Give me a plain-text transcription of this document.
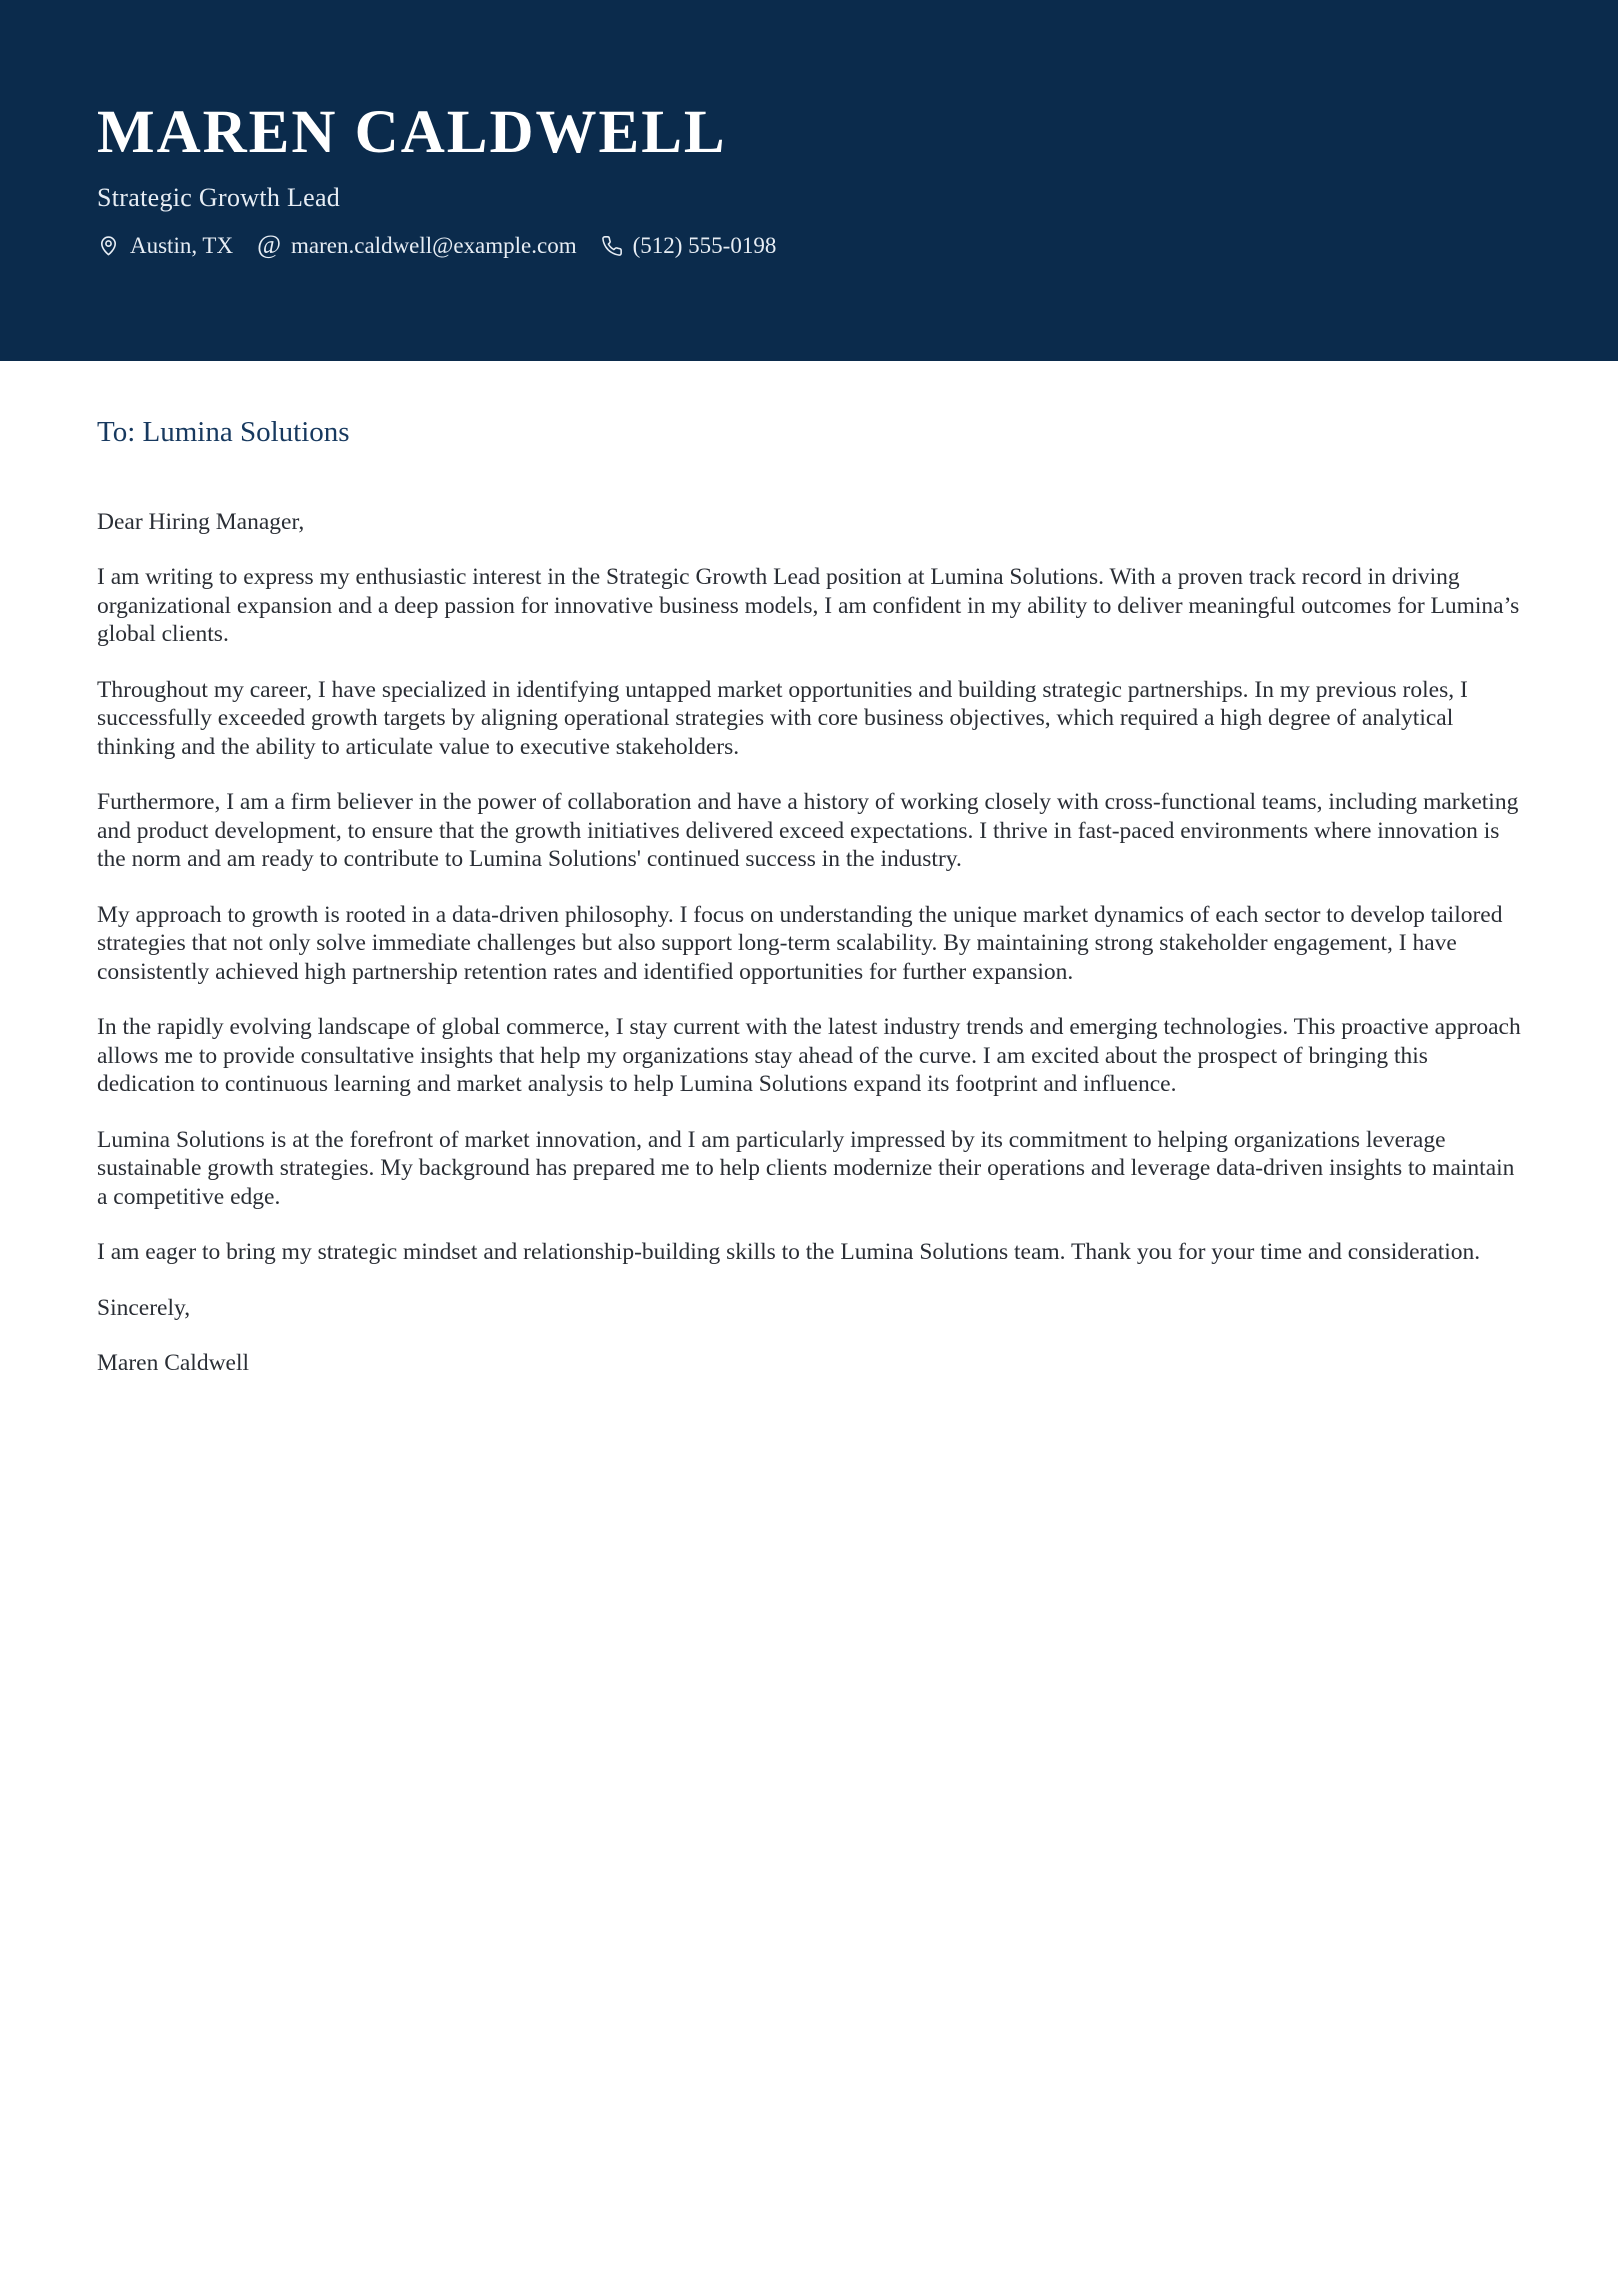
MAREN CALDWELL
Strategic Growth Lead
Austin, TX @ maren.caldwell@example.com (512) 555-0198
To: Lumina Solutions

Dear Hiring Manager,

I am writing to express my enthusiastic interest in the Strategic Growth Lead position at Lumina Solutions. With a proven track record in driving organizational expansion and a deep passion for innovative business models, I am confident in my ability to deliver meaningful outcomes for Lumina’s global clients.

Throughout my career, I have specialized in identifying untapped market opportunities and building strategic partnerships. In my previous roles, I successfully exceeded growth targets by aligning operational strategies with core business objectives, which required a high degree of analytical thinking and the ability to articulate value to executive stakeholders.

Furthermore, I am a firm believer in the power of collaboration and have a history of working closely with cross-functional teams, including marketing and product development, to ensure that the growth initiatives delivered exceed expectations. I thrive in fast-paced environments where innovation is the norm and am ready to contribute to Lumina Solutions' continued success in the industry.

My approach to growth is rooted in a data-driven philosophy. I focus on understanding the unique market dynamics of each sector to develop tailored strategies that not only solve immediate challenges but also support long-term scalability. By maintaining strong stakeholder engagement, I have consistently achieved high partnership retention rates and identified opportunities for further expansion.

In the rapidly evolving landscape of global commerce, I stay current with the latest industry trends and emerging technologies. This proactive approach allows me to provide consultative insights that help my organizations stay ahead of the curve. I am excited about the prospect of bringing this dedication to continuous learning and market analysis to help Lumina Solutions expand its footprint and influence.

Lumina Solutions is at the forefront of market innovation, and I am particularly impressed by its commitment to helping organizations leverage sustainable growth strategies. My background has prepared me to help clients modernize their operations and leverage data-driven insights to maintain a competitive edge.

I am eager to bring my strategic mindset and relationship-building skills to the Lumina Solutions team. Thank you for your time and consideration.

Sincerely,

Maren Caldwell
